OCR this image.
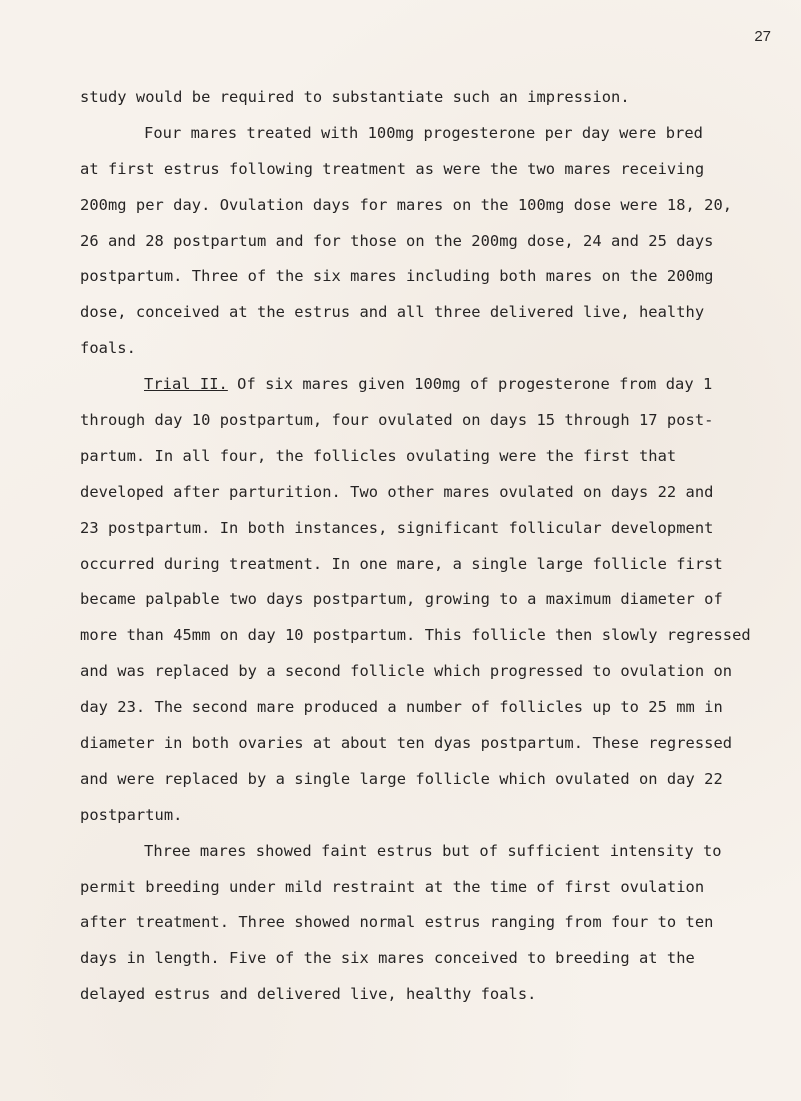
27
study would be required to substantiate such an impression.
Four mares treated with 100mg progesterone per day were bred
at first estrus following treatment as were the two mares receiving
200mg per day. Ovulation days for mares on the 100mg dose were 18, 20,
26 and 28 postpartum and for those on the 200mg dose, 24 and 25 days
postpartum. Three of the six mares including both mares on the 200mg
dose, conceived at the estrus and all three delivered live, healthy
foals.
Trial II. Of six mares given 100mg of progesterone from day 1
through day 10 postpartum, four ovulated on days 15 through 17 post-
partum. In all four, the follicles ovulating were the first that
developed after parturition. Two other mares ovulated on days 22 and
23 postpartum. In both instances, significant follicular development
occurred during treatment. In one mare, a single large follicle first
became palpable two days postpartum, growing to a maximum diameter of
more than 45mm on day 10 postpartum. This follicle then slowly regressed
and was replaced by a second follicle which progressed to ovulation on
day 23. The second mare produced a number of follicles up to 25 mm in
diameter in both ovaries at about ten dyas postpartum. These regressed
and were replaced by a single large follicle which ovulated on day 22
postpartum.
Three mares showed faint estrus but of sufficient intensity to
permit breeding under mild restraint at the time of first ovulation
after treatment. Three showed normal estrus ranging from four to ten
days in length. Five of the six mares conceived to breeding at the
delayed estrus and delivered live, healthy foals.
